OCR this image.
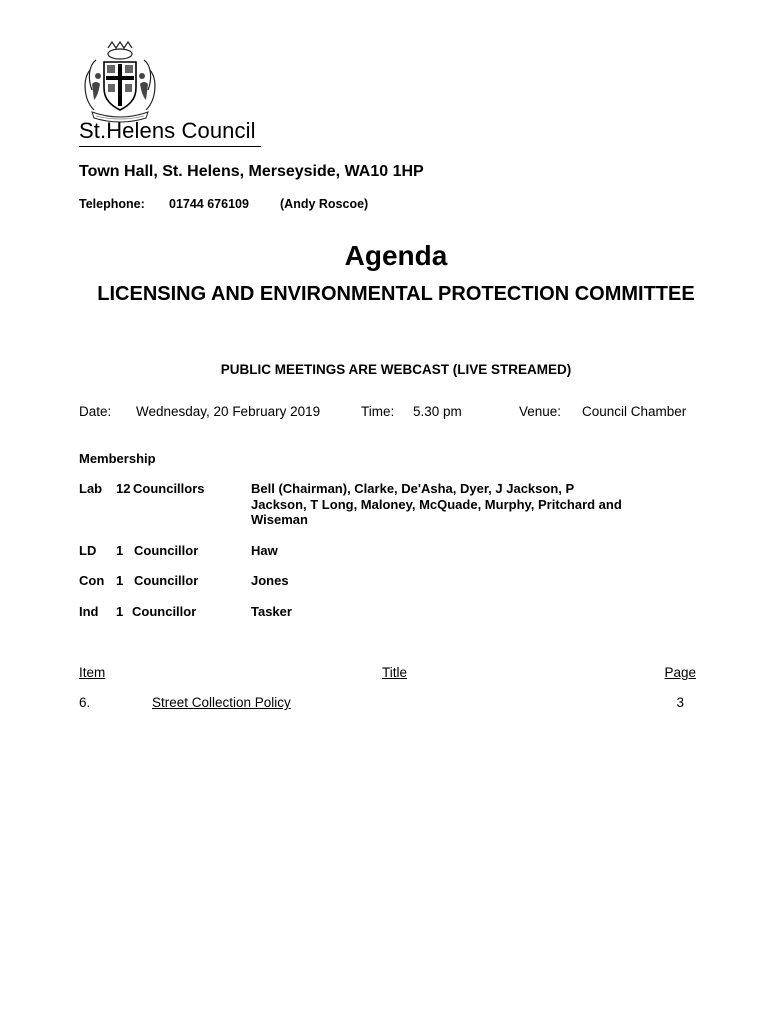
St.Helens Council
Town Hall, St. Helens, Merseyside, WA10 1HP
Telephone: 01744 676109 (Andy Roscoe)
Agenda
LICENSING AND ENVIRONMENTAL PROTECTION COMMITTEE
PUBLIC MEETINGS ARE WEBCAST (LIVE STREAMED)
Date: Wednesday, 20 February 2019	Time: 5.30 pm	Venue: Council Chamber
Membership
Lab 12 Councillors	Bell (Chairman), Clarke, De'Asha, Dyer, J Jackson, P Jackson, T Long, Maloney, McQuade, Murphy, Pritchard and Wiseman
LD 1 Councillor	Haw
Con 1 Councillor	Jones
Ind 1 Councillor	Tasker
Item	Title	Page
6.	Street Collection Policy	3
